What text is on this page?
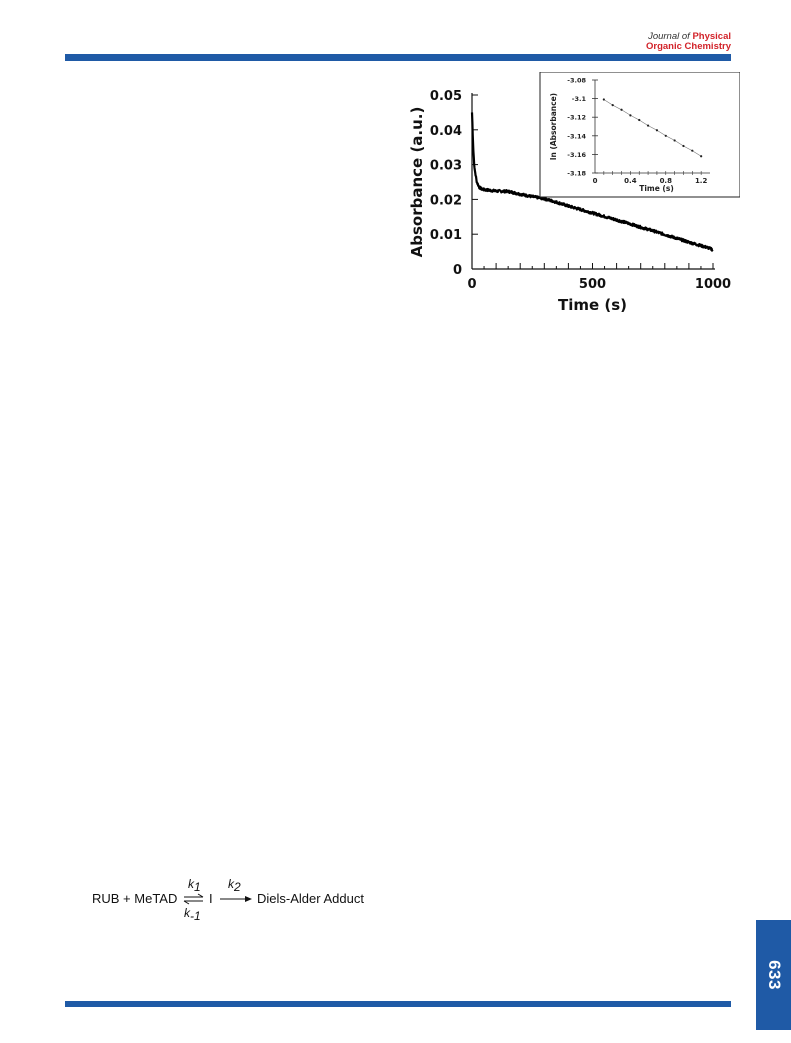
Journal of Physical
Organic Chemistry
0
0.01
0.02
0.03
0.04
0.05
0	500	1000
Time (s)
Absorbance (a.u.)	-3.18
-3.16
-3.14
-3.12
-3.1
-3.08
0	0.4	0.8	1.2
Time (s)
ln (Absorbance)
RUB + MeTAD
k1
k-1
⇌ I
k2
Diels-Alder Adduct
633
